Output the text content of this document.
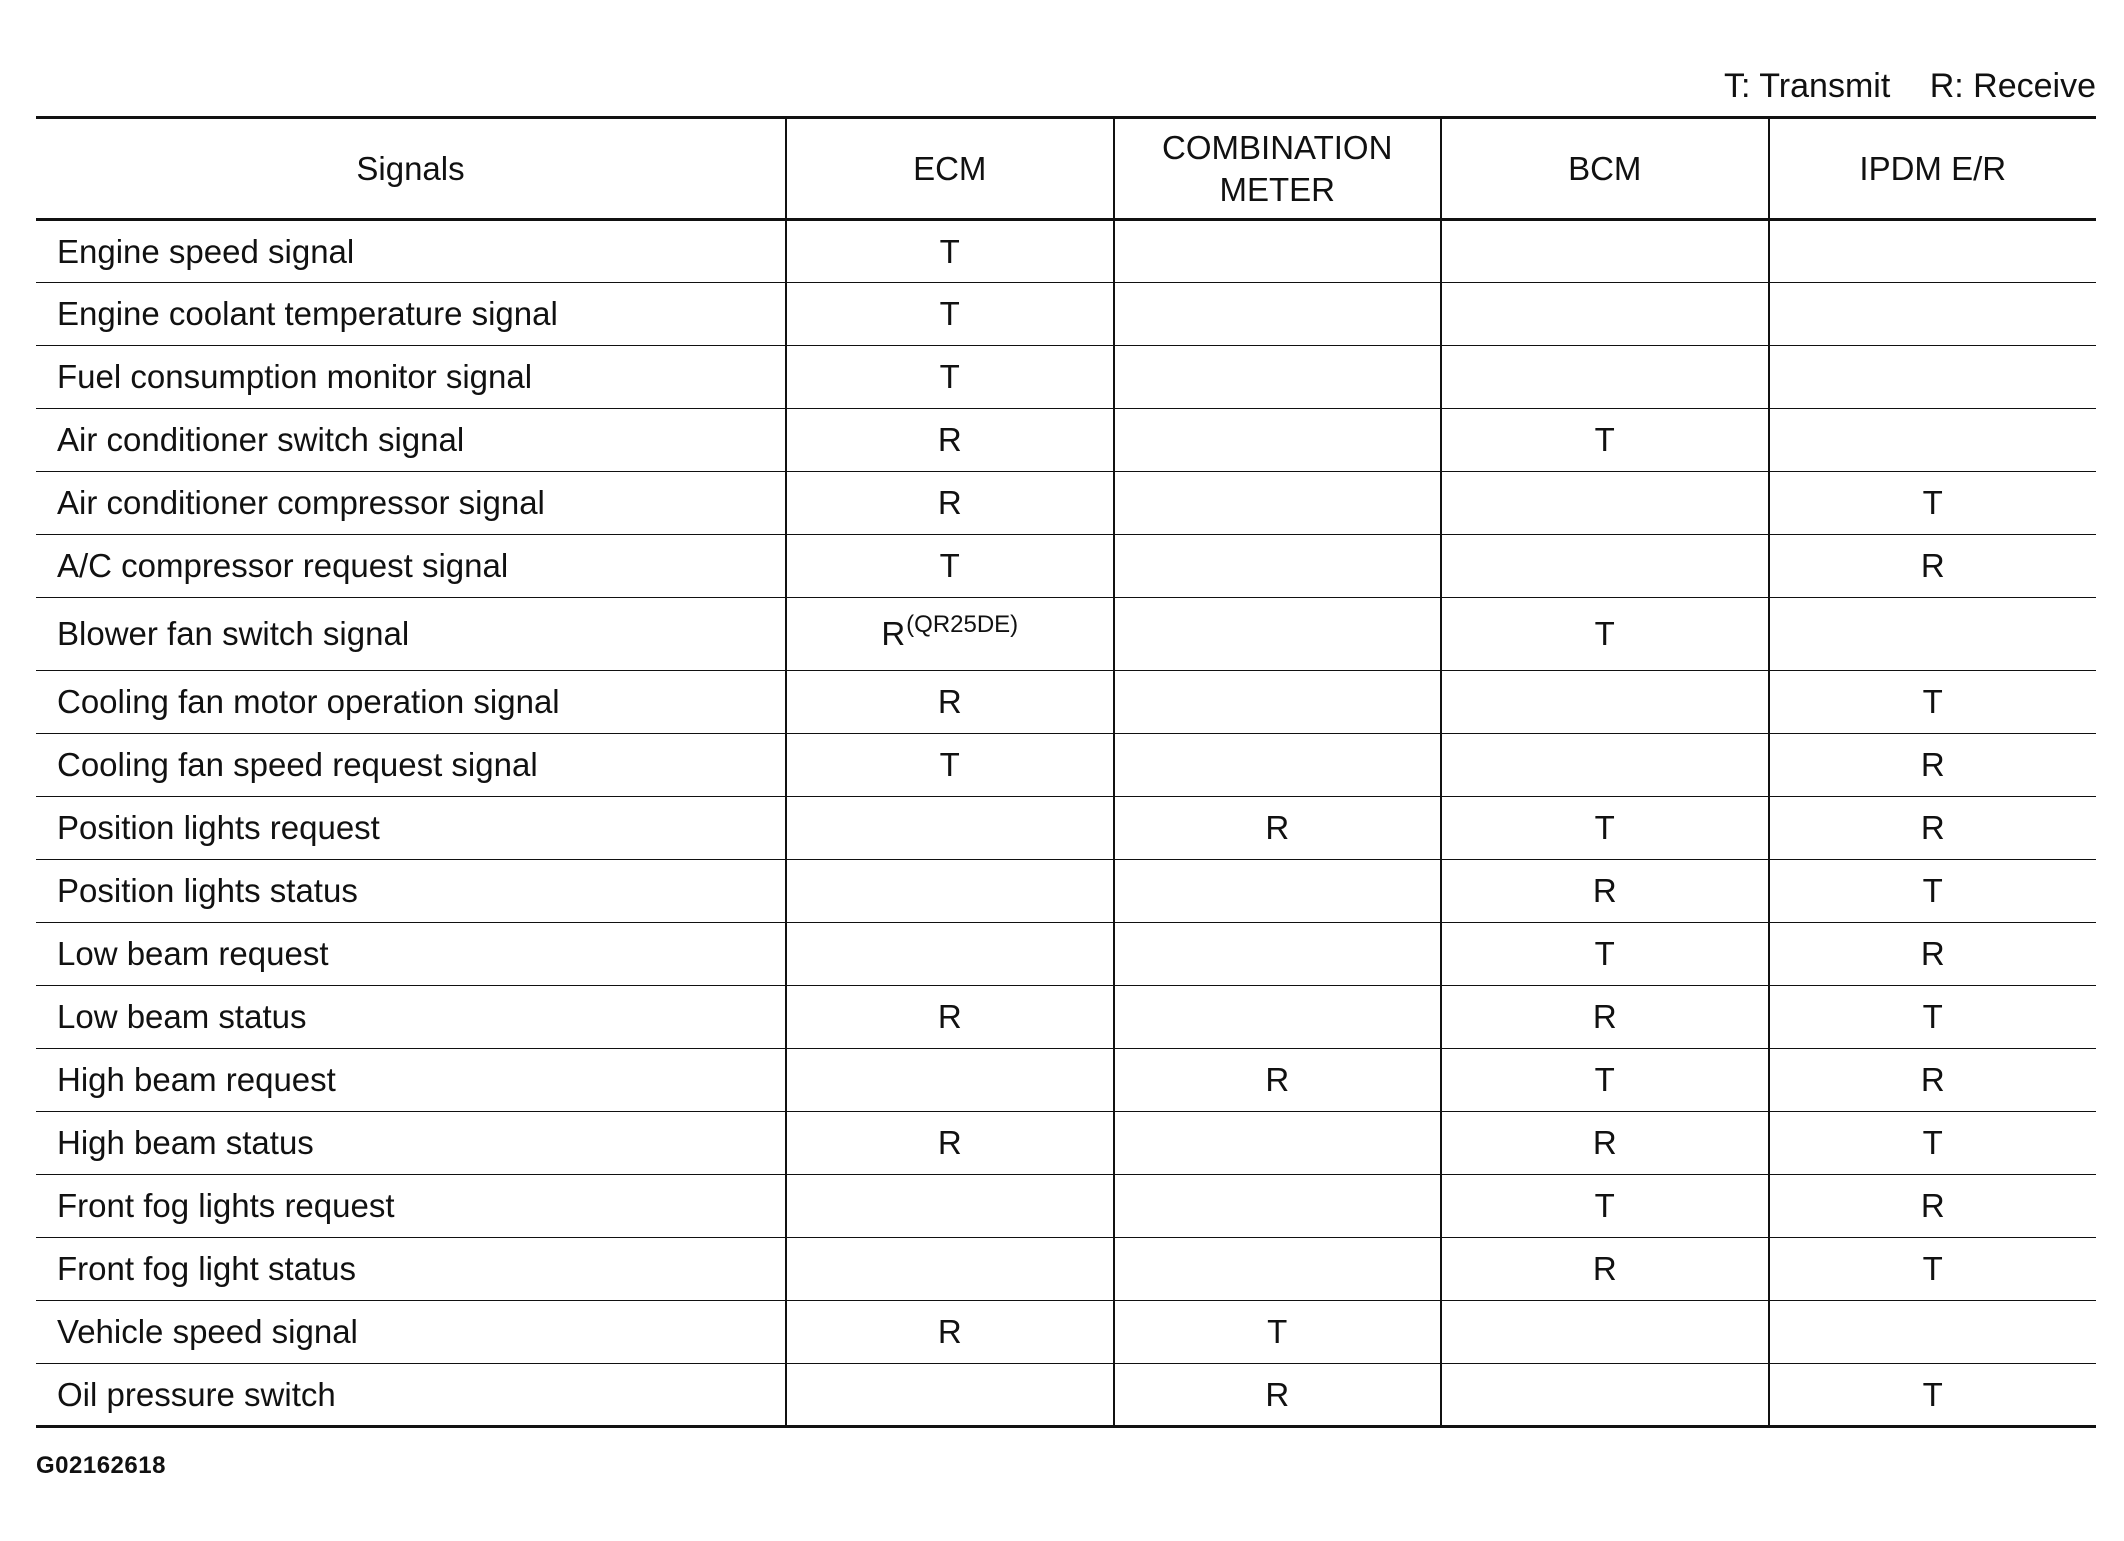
T: Transmit R: Receive
Signals	ECM	COMBINATION
METER	BCM	IPDM E/R
Engine speed signal	T			
Engine coolant temperature signal	T			
Fuel consumption monitor signal	T			
Air conditioner switch signal	R		T	
Air conditioner compressor signal	R			T
A/C compressor request signal	T			R
Blower fan switch signal	R$^{(QR25DE)}$		T	
Cooling fan motor operation signal	R			T
Cooling fan speed request signal	T			R
Position lights request		R	T	R
Position lights status			R	T
Low beam request			T	R
Low beam status	R		R	T
High beam request		R	T	R
High beam status	R		R	T
Front fog lights request			T	R
Front fog light status			R	T
Vehicle speed signal	R	T		
Oil pressure switch		R		T
G02162618
